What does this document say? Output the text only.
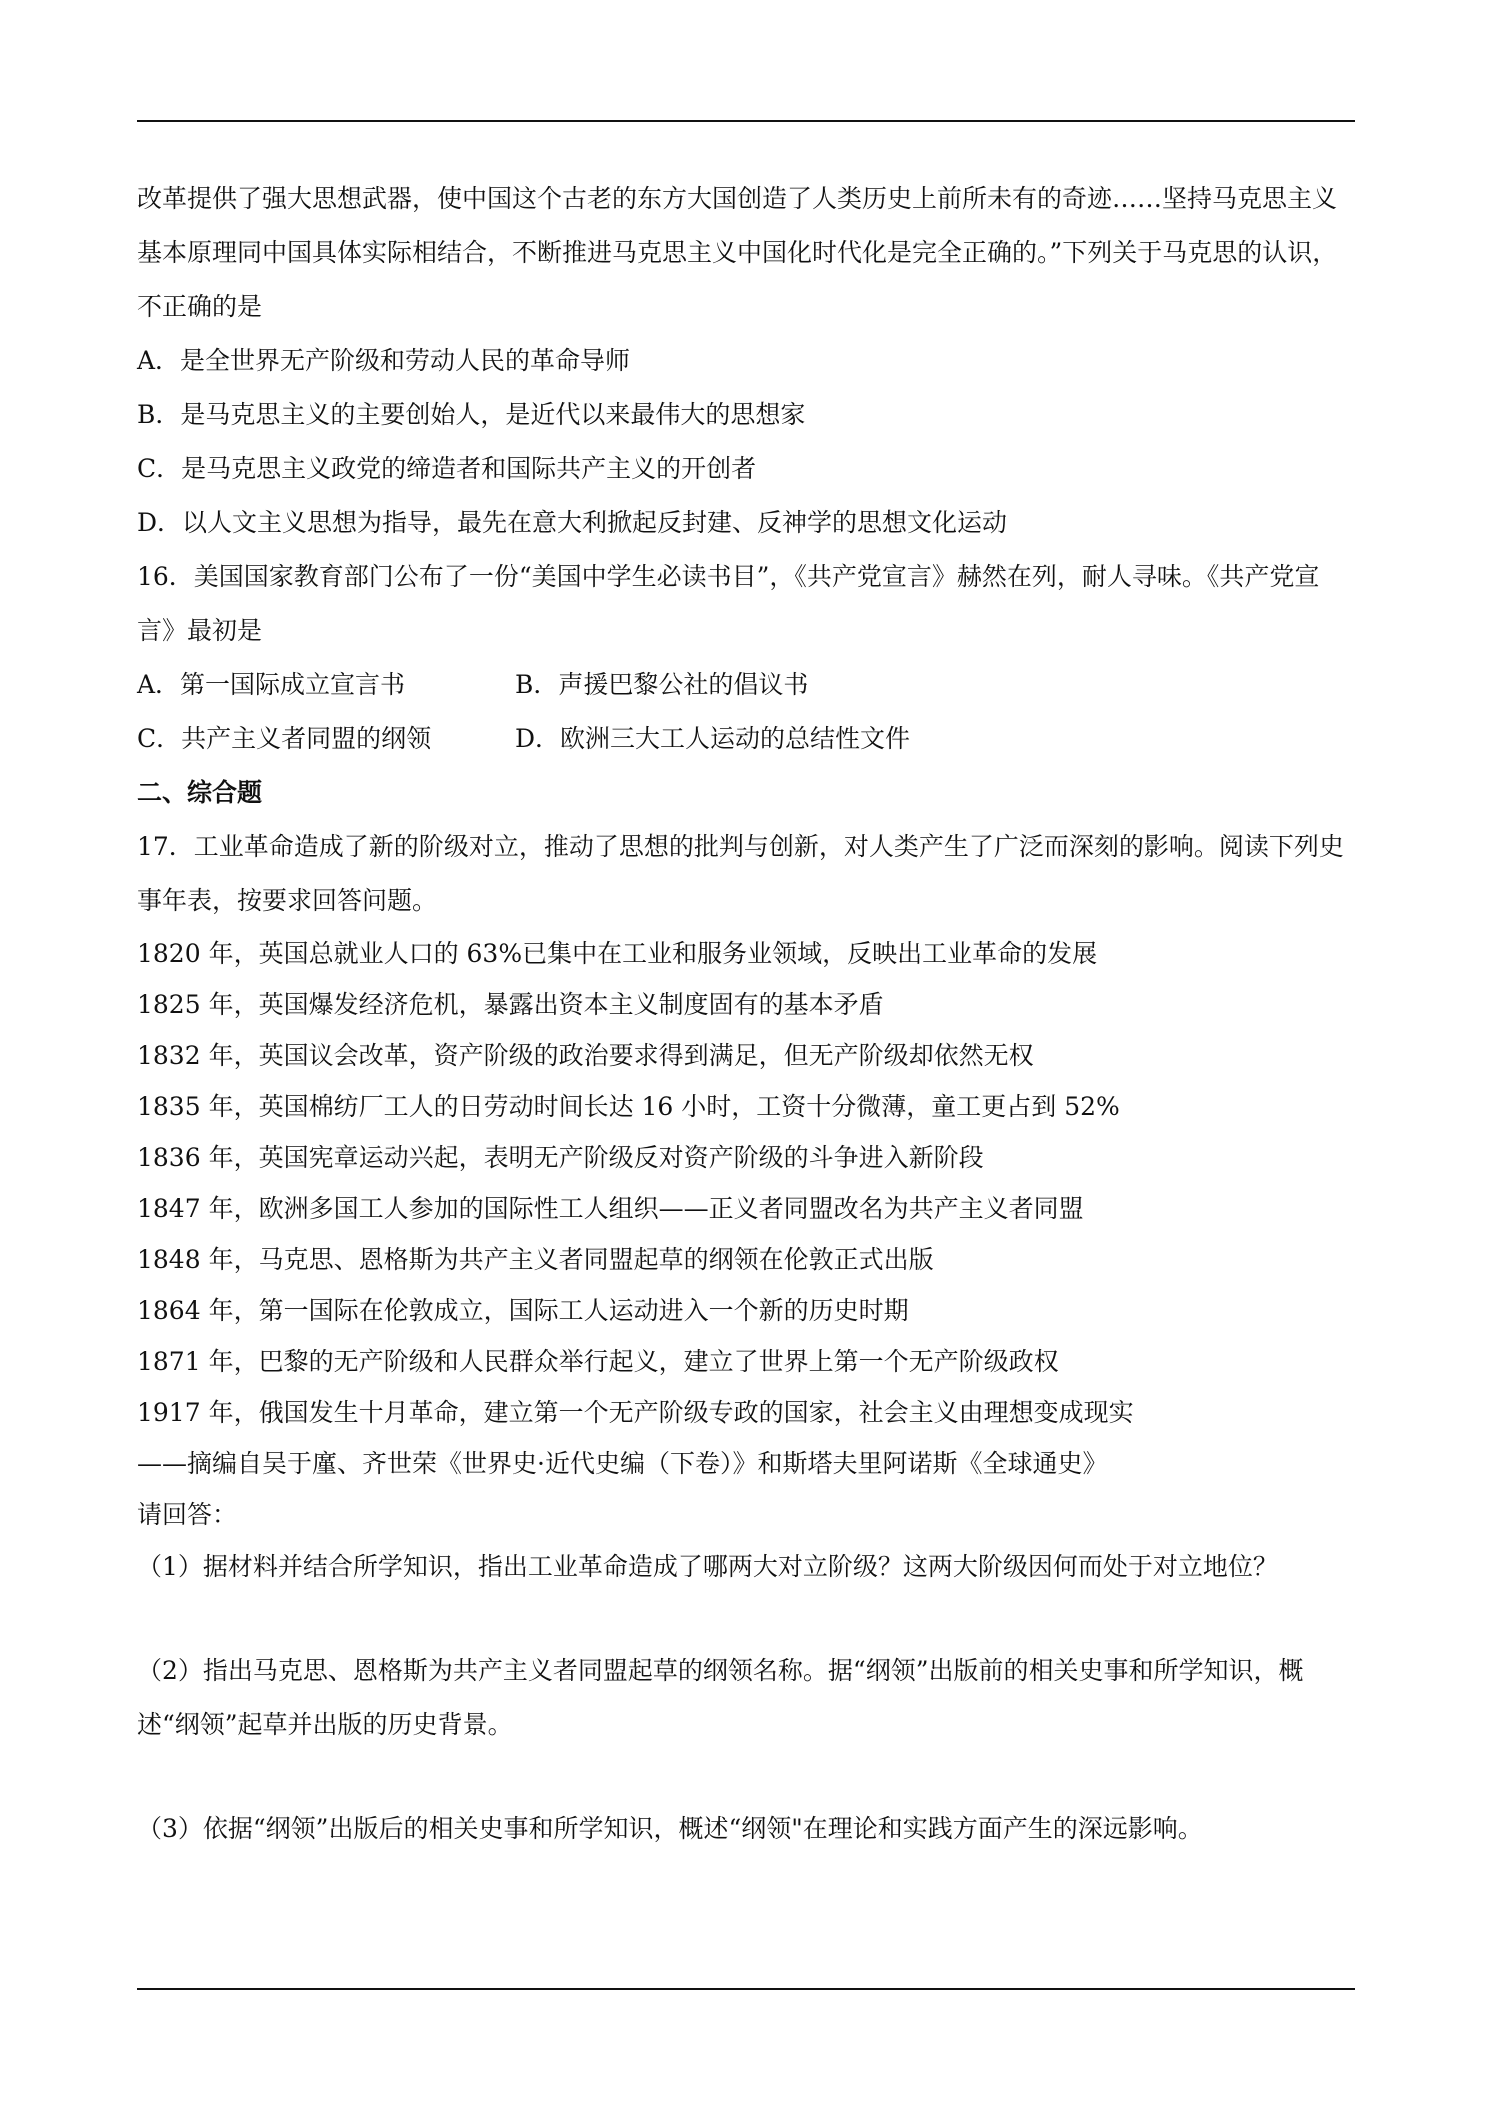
改革提供了强大思想武器，使中国这个古老的东方大国创造了人类历史上前所未有的奇迹……坚持马克思主义基本原理同中国具体实际相结合，不断推进马克思主义中国化时代化是完全正确的。”下列关于马克思的认识，不正确的是

A．是全世界无产阶级和劳动人民的革命导师

B．是马克思主义的主要创始人，是近代以来最伟大的思想家

C．是马克思主义政党的缔造者和国际共产主义的开创者

D．以人文主义思想为指导，最先在意大利掀起反封建、反神学的思想文化运动

16．美国国家教育部门公布了一份“美国中学生必读书目”，《共产党宣言》赫然在列，耐人寻味。《共产党宣言》最初是

A．第一国际成立宣言书	B．声援巴黎公社的倡议书
C．共产主义者同盟的纲领	D．欧洲三大工人运动的总结性文件

二、综合题

17．工业革命造成了新的阶级对立，推动了思想的批判与创新，对人类产生了广泛而深刻的影响。阅读下列史事年表，按要求回答问题。

1820 年，英国总就业人口的 63%已集中在工业和服务业领域，反映出工业革命的发展

1825 年，英国爆发经济危机，暴露出资本主义制度固有的基本矛盾

1832 年，英国议会改革，资产阶级的政治要求得到满足，但无产阶级却依然无权

1835 年，英国棉纺厂工人的日劳动时间长达 16 小时，工资十分微薄，童工更占到 52%

1836 年，英国宪章运动兴起，表明无产阶级反对资产阶级的斗争进入新阶段

1847 年，欧洲多国工人参加的国际性工人组织——正义者同盟改名为共产主义者同盟

1848 年，马克思、恩格斯为共产主义者同盟起草的纲领在伦敦正式出版

1864 年，第一国际在伦敦成立，国际工人运动进入一个新的历史时期

1871 年，巴黎的无产阶级和人民群众举行起义，建立了世界上第一个无产阶级政权

1917 年，俄国发生十月革命，建立第一个无产阶级专政的国家，社会主义由理想变成现实

——摘编自吴于廑、齐世荣《世界史·近代史编（下卷）》和斯塔夫里阿诺斯《全球通史》

请回答：

（1）据材料并结合所学知识，指出工业革命造成了哪两大对立阶级？这两大阶级因何而处于对立地位？

（2）指出马克思、恩格斯为共产主义者同盟起草的纲领名称。据“纲领”出版前的相关史事和所学知识，概述“纲领”起草并出版的历史背景。

（3）依据“纲领”出版后的相关史事和所学知识，概述“纲领"在理论和实践方面产生的深远影响。
